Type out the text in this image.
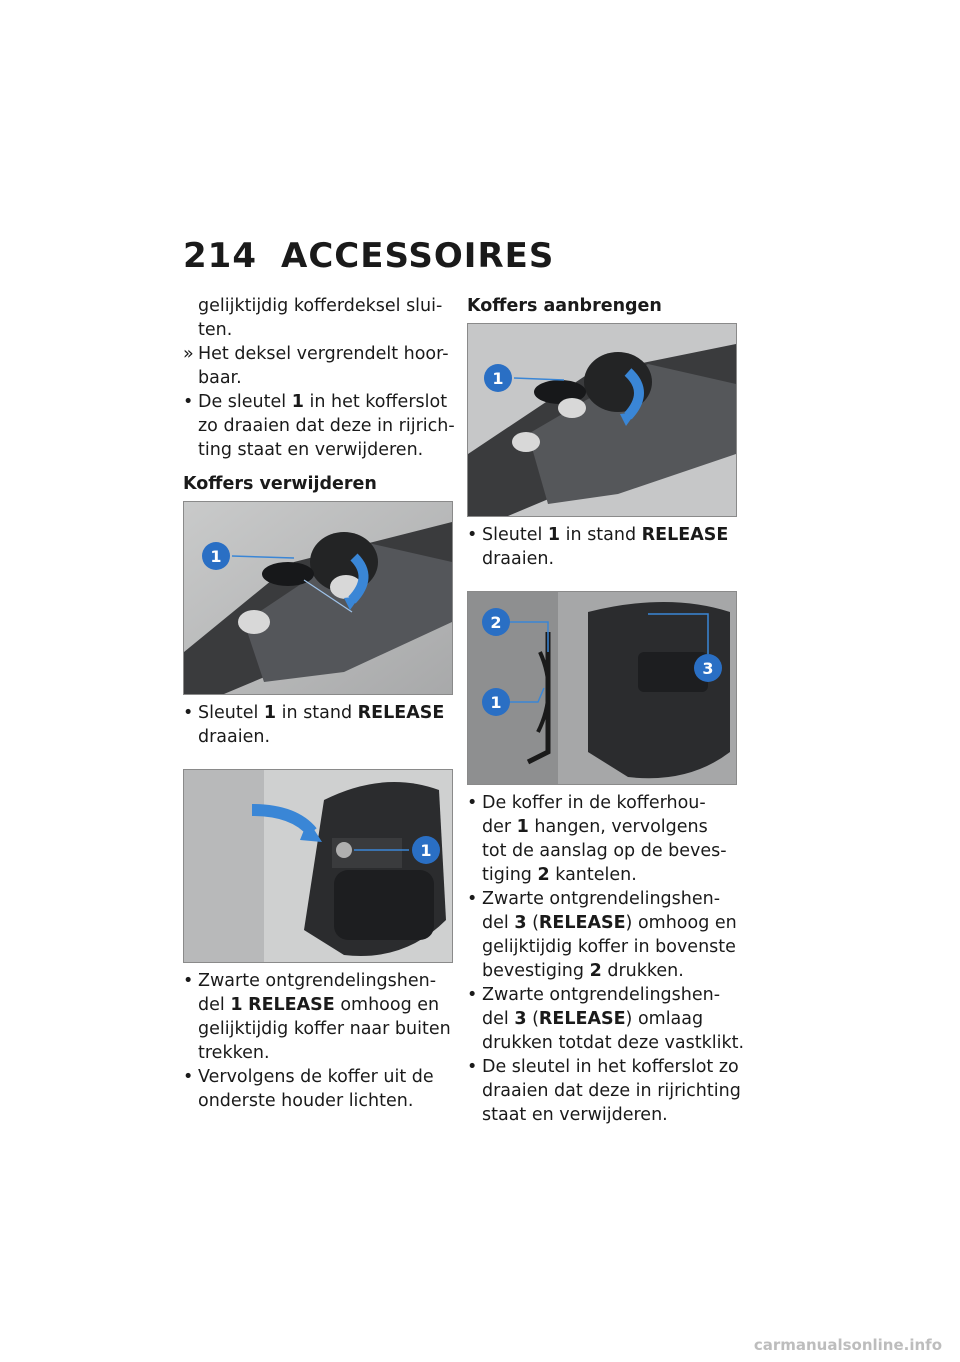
214 ACCESSOIRES
gelijktijdig kofferdeksel slui-
ten.
» Het deksel vergrendelt hoor-
baar.
• De sleutel 1 in het kofferslot
zo draaien dat deze in rijrich-
ting staat en verwijderen.
Koffers verwijderen
1
• Sleutel 1 in stand RELEASE
draaien.
1
• Zwarte ontgrendelingshen-
del 1 RELEASE omhoog en
gelijktijdig koffer naar buiten
trekken.
• Vervolgens de koffer uit de
onderste houder lichten.
Koffers aanbrengen
1
• Sleutel 1 in stand RELEASE
draaien.
2
1
3
• De koffer in de kofferhou-
der 1 hangen, vervolgens
tot de aanslag op de beves-
tiging 2 kantelen.
• Zwarte ontgrendelingshen-
del 3 (RELEASE) omhoog en
gelijktijdig koffer in bovenste
bevestiging 2 drukken.
• Zwarte ontgrendelingshen-
del 3 (RELEASE) omlaag
drukken totdat deze vastklikt.
• De sleutel in het kofferslot zo
draaien dat deze in rijrichting
staat en verwijderen.
carmanualsonline.info
